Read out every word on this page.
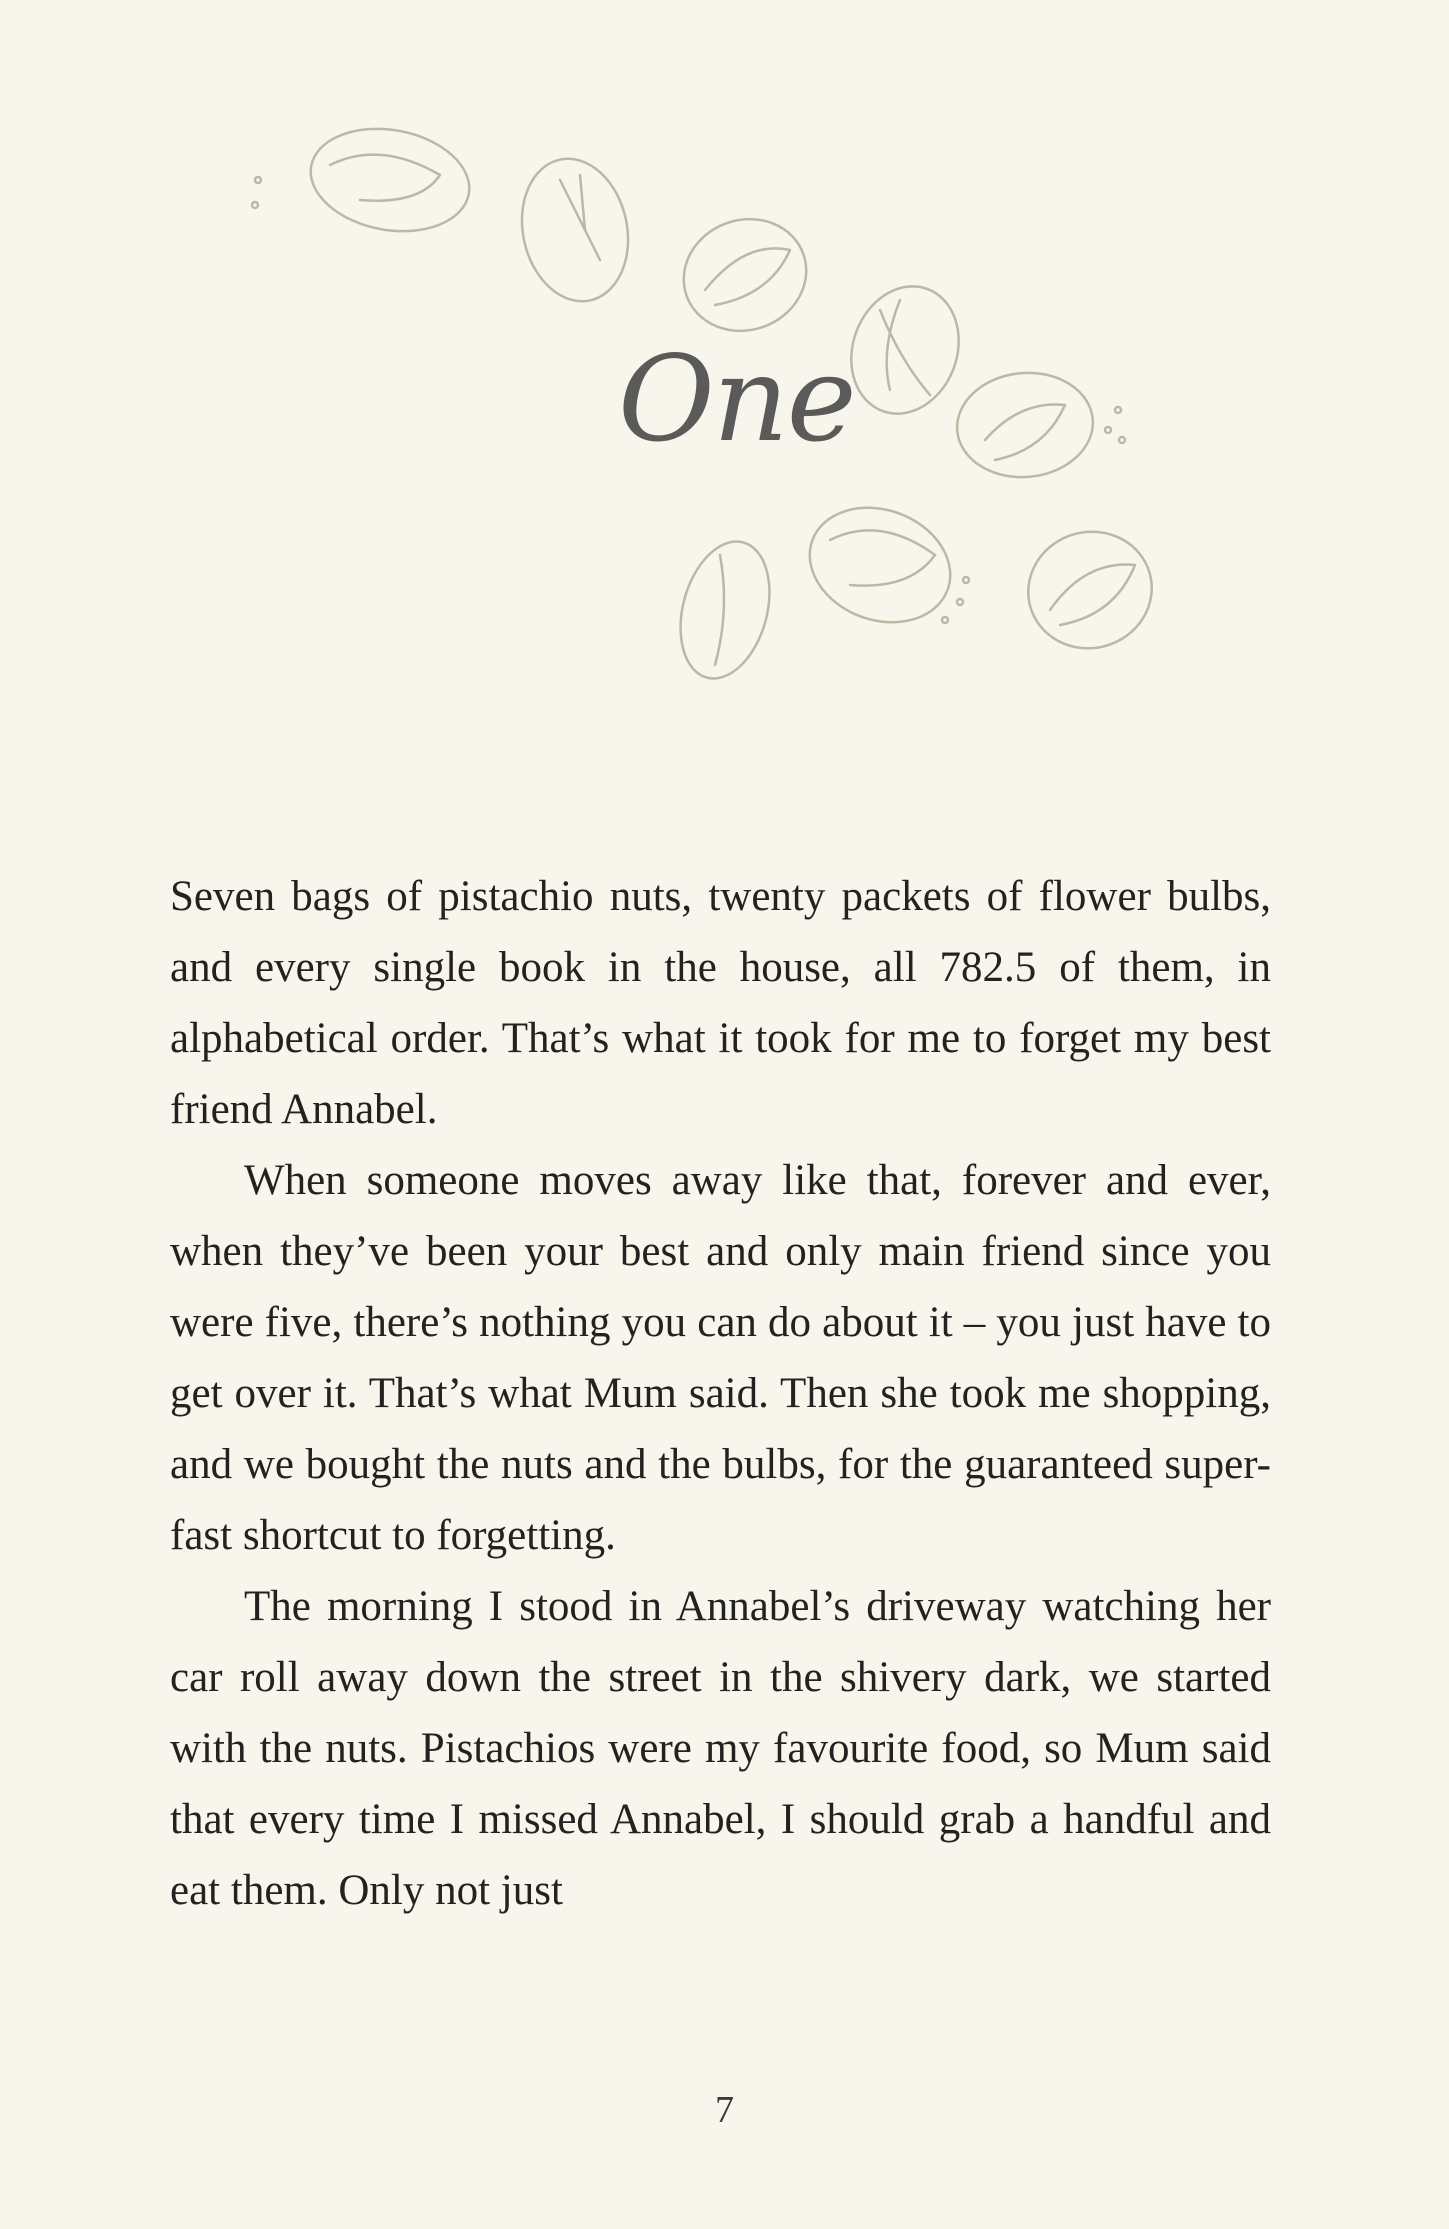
One

Seven bags of pistachio nuts, twenty packets of flower bulbs, and every single book in the house, all 782.5 of them, in alphabetical order. That’s what it took for me to forget my best friend Annabel.

When someone moves away like that, forever and ever, when they’ve been your best and only main friend since you were five, there’s nothing you can do about it – you just have to get over it. That’s what Mum said. Then she took me shopping, and we bought the nuts and the bulbs, for the guaranteed super-fast shortcut to forgetting.

The morning I stood in Annabel’s driveway watching her car roll away down the street in the shivery dark, we started with the nuts. Pistachios were my favourite food, so Mum said that every time I missed Annabel, I should grab a handful and eat them. Only not just

7
